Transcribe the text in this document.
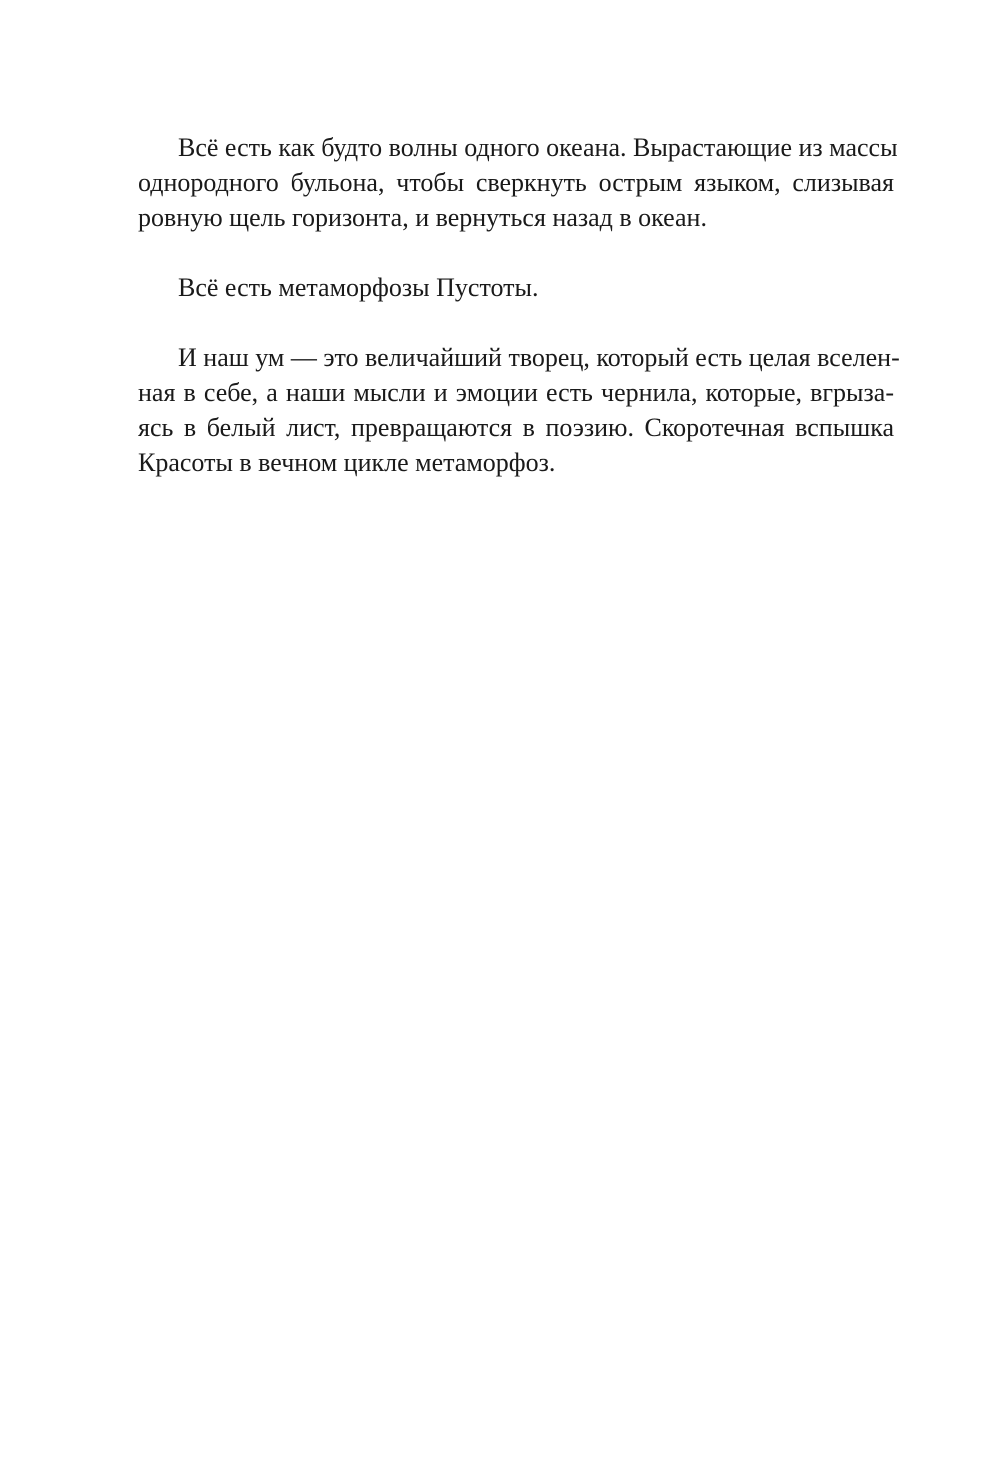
Всё есть как будто волны одного океана. Вырастающие из массы
однородного бульона, чтобы сверкнуть острым языком, слизывая
ровную щель горизонта, и вернуться назад в океан.

Всё есть метаморфозы Пустоты.

И наш ум — это величайший творец, который есть целая вселен-
ная в себе, а наши мысли и эмоции есть чернила, которые, вгрыза-
ясь в белый лист, превращаются в поэзию. Скоротечная вспышка
Красоты в вечном цикле метаморфоз.
